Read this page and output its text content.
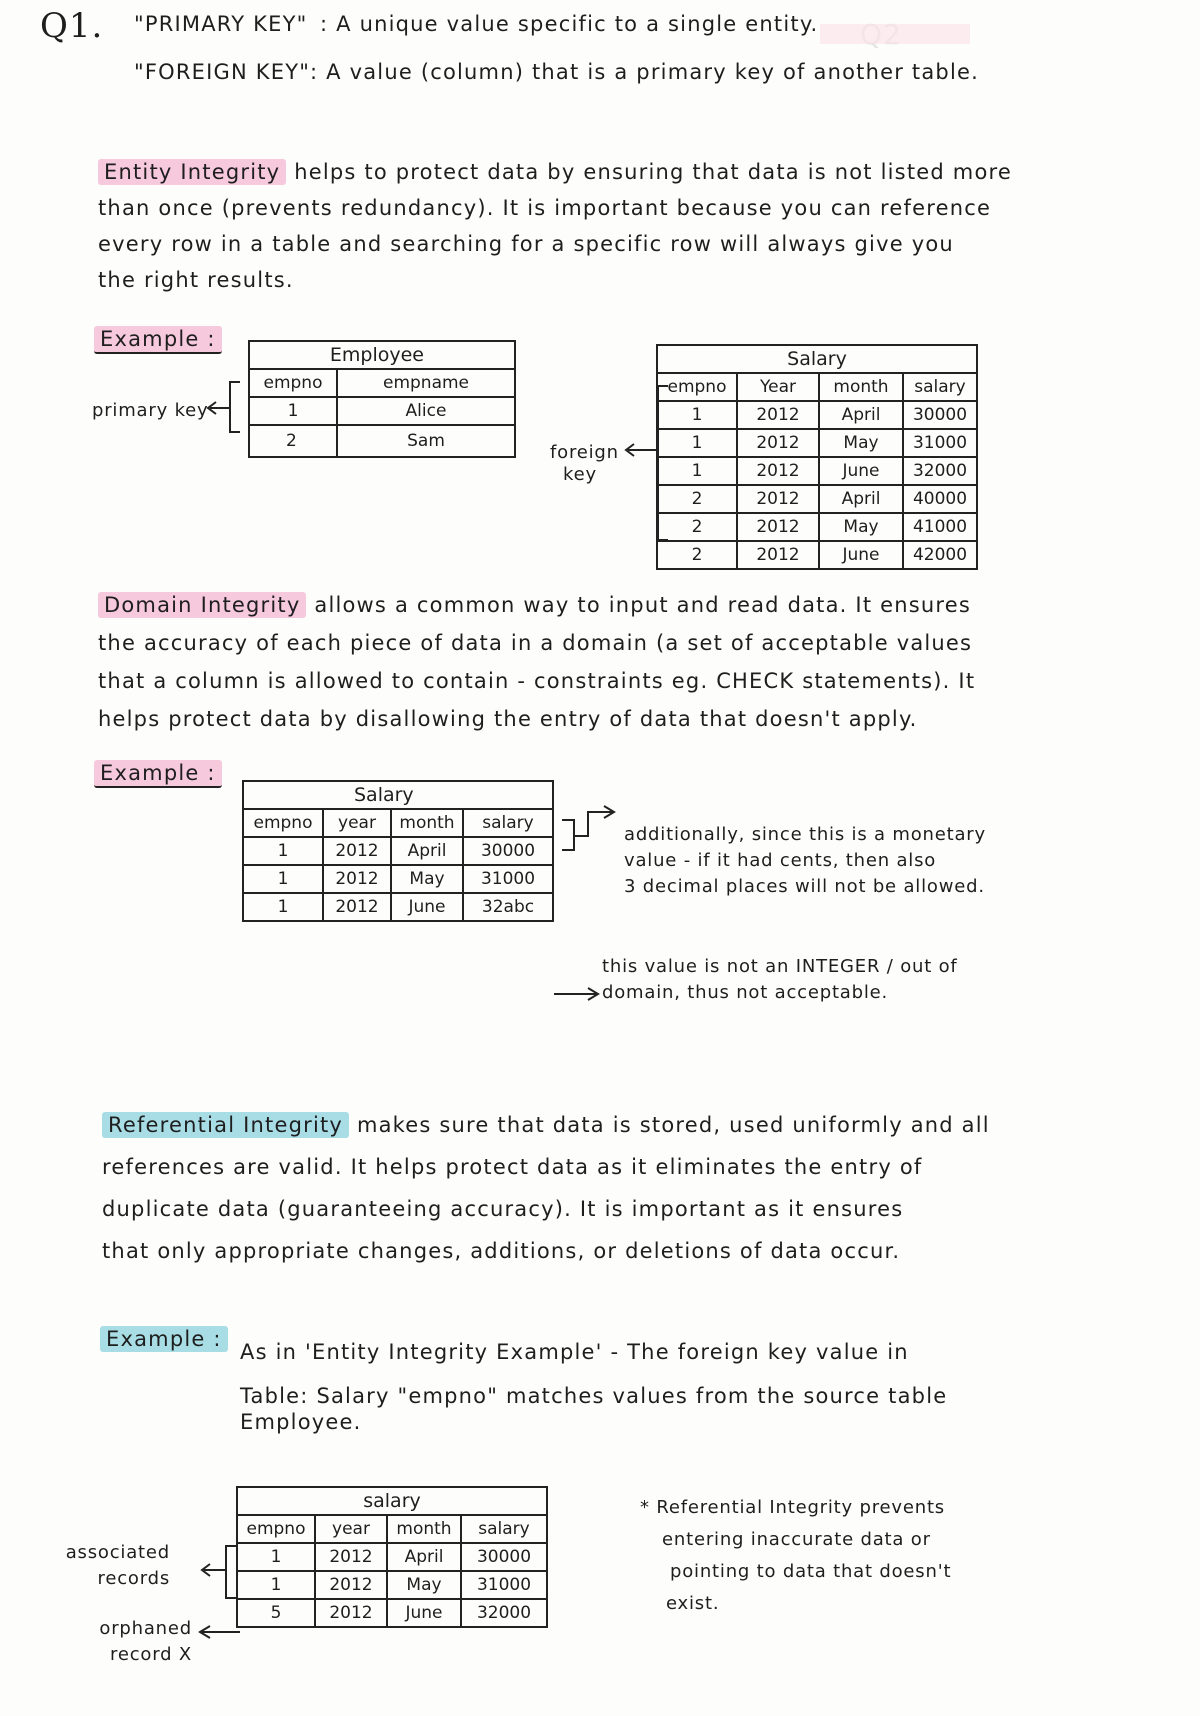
Q1. "PRIMARY KEY" : A unique value specific to a single entity.
"FOREIGN KEY" : A value (column) that is a primary key of another table.
Entity Integrity helps to protect data by ensuring that data is not listed more
than once (prevents redundancy). It is important because you can reference
every row in a table and searching for a specific row will always give you
the right results.
Example :
primary key
Employee	
empno	empname
1	Alice
2	Sam
foreign key
Salary			
empno	Year	month	salary
1	2012	April	30000
1	2012	May	31000
1	2012	June	32000
2	2012	April	40000
2	2012	May	41000
2	2012	June	42000
Domain Integrity allows a common way to input and read data. It ensures
the accuracy of each piece of data in a domain (a set of acceptable values
that a column is allowed to contain - constraints eg. CHECK statements). It
helps protect data by disallowing the entry of data that doesn't apply.
Example :
Salary			
empno	year	month	salary
1	2012	April	30000
1	2012	May	31000
1	2012	June	32abc
additionally, since this is a monetary
value - if it had cents, then also
3 decimal places will not be allowed.
this value is not an INTEGER / out of
domain, thus not acceptable.
Referential Integrity makes sure that data is stored, used uniformly and all
references are valid. It helps protect data as it eliminates the entry of
duplicate data (guaranteeing accuracy). It is important as it ensures
that only appropriate changes, additions, or deletions of data occur.
Example :
As in 'Entity Integrity Example' - The foreign key value in
Table: Salary "empno" matches values from the source table
Employee.
associated
records
orphaned
record X
salary			
empno	year	month	salary
1	2012	April	30000
1	2012	May	31000
5	2012	June	32000
* Referential Integrity prevents
entering inaccurate data or
pointing to data that doesn't
exist.
